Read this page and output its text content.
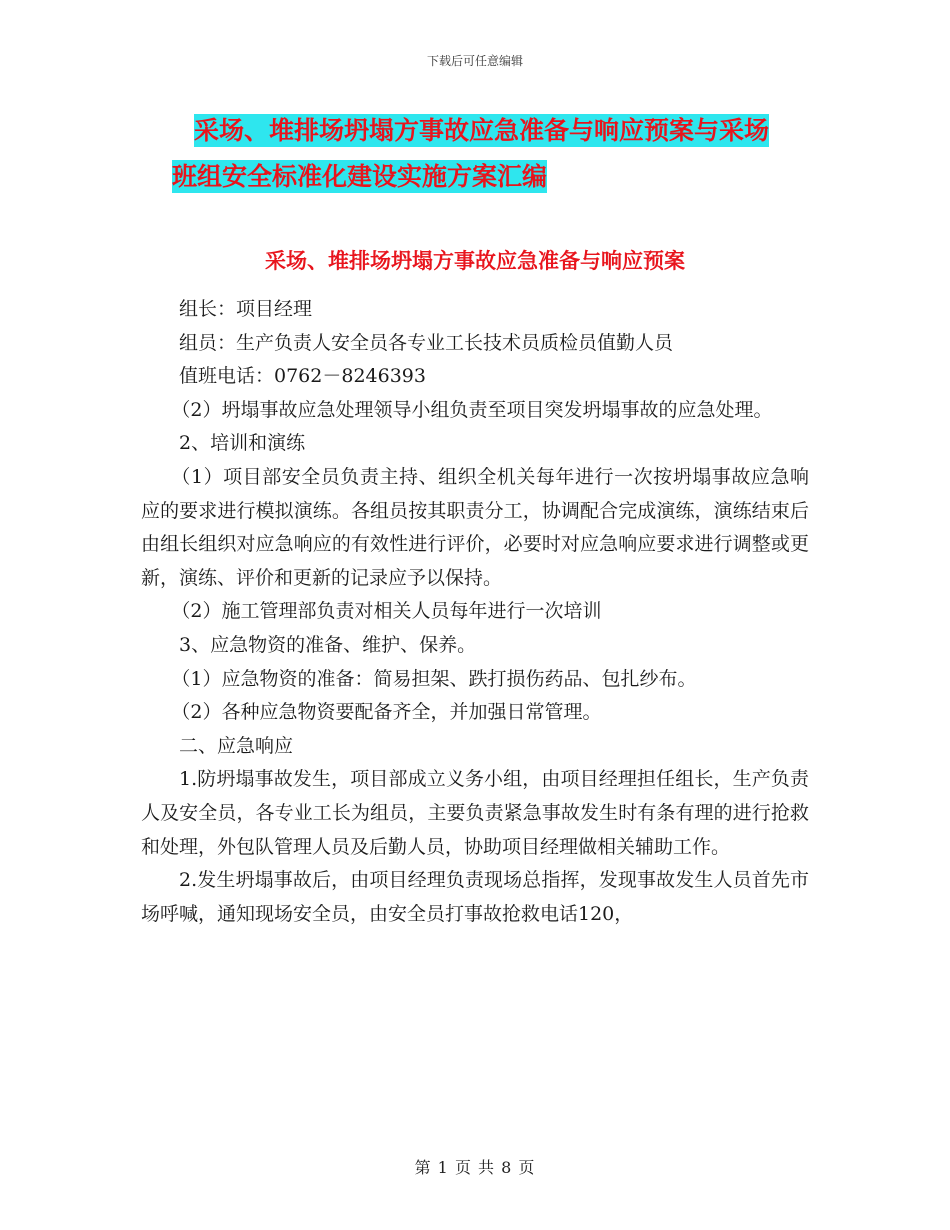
下载后可任意编辑
采场、堆排场坍塌方事故应急准备与响应预案与采场
班组安全标准化建设实施方案汇编
采场、堆排场坍塌方事故应急准备与响应预案

组长：项目经理

组员：生产负责人安全员各专业工长技术员质检员值勤人员

值班电话：0762－8246393

（2）坍塌事故应急处理领导小组负责至项目突发坍塌事故的应急处理。

2、培训和演练

（1）项目部安全员负责主持、组织全机关每年进行一次按坍塌事故应急响应的要求进行模拟演练。各组员按其职责分工，协调配合完成演练，演练结束后由组长组织对应急响应的有效性进行评价，必要时对应急响应要求进行调整或更新，演练、评价和更新的记录应予以保持。

（2）施工管理部负责对相关人员每年进行一次培训

3、应急物资的准备、维护、保养。

（1）应急物资的准备：简易担架、跌打损伤药品、包扎纱布。

（2）各种应急物资要配备齐全，并加强日常管理。

二、应急响应

1.防坍塌事故发生，项目部成立义务小组，由项目经理担任组长，生产负责人及安全员，各专业工长为组员，主要负责紧急事故发生时有条有理的进行抢救和处理，外包队管理人员及后勤人员，协助项目经理做相关辅助工作。

2.发生坍塌事故后，由项目经理负责现场总指挥，发现事故发生人员首先市场呼喊，通知现场安全员，由安全员打事故抢救电话120，

第 1 页 共 8 页
